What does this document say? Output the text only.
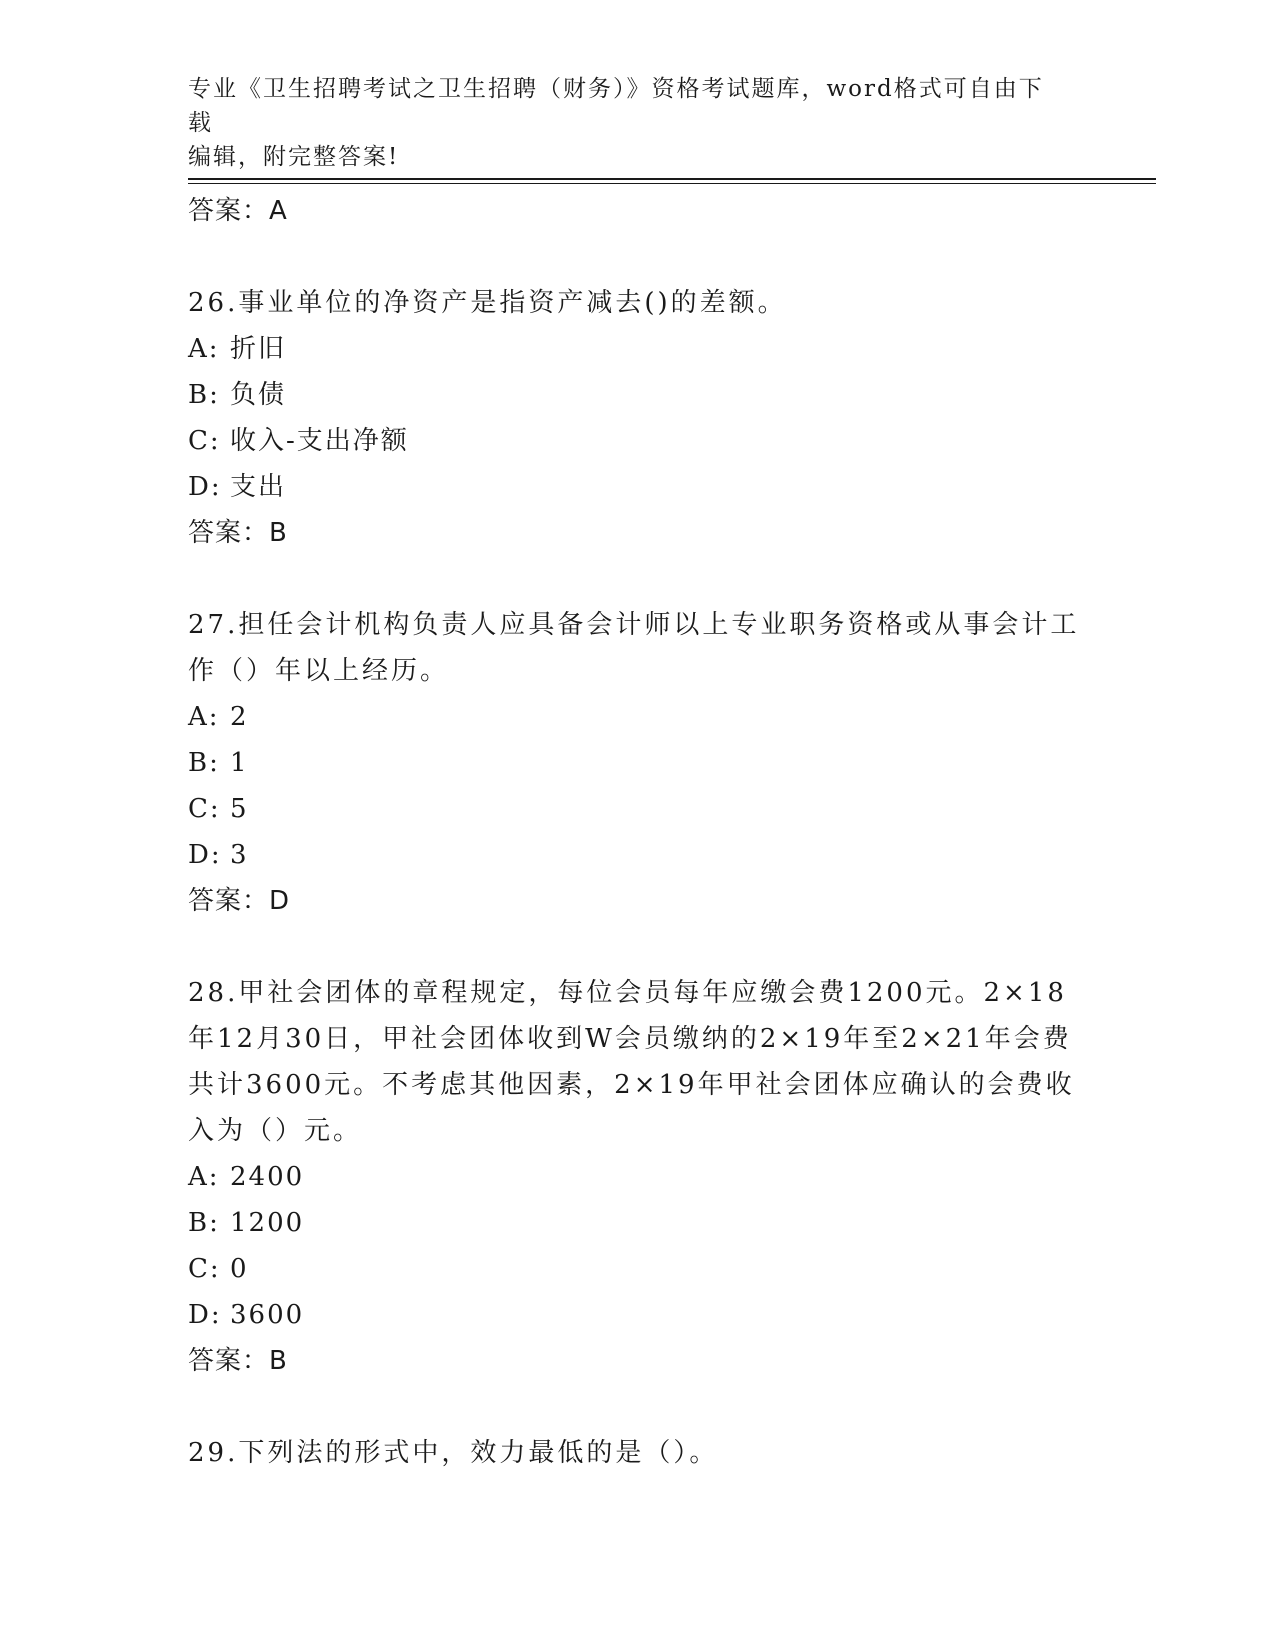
专业《卫生招聘考试之卫生招聘（财务）》资格考试题库，word格式可自由下载
编辑，附完整答案!
答案：A
26.事业单位的净资产是指资产减去()的差额。
A: 折旧
B: 负债
C: 收入-支出净额
D: 支出
答案：B
27.担任会计机构负责人应具备会计师以上专业职务资格或从事会计工作（）年以上经历。
A: 2
B: 1
C: 5
D: 3
答案：D
28.甲社会团体的章程规定，每位会员每年应缴会费1200元。2×18年12月30日，甲社会团体收到W会员缴纳的2×19年至2×21年会费共计3600元。不考虑其他因素，2×19年甲社会团体应确认的会费收入为（）元。
A: 2400
B: 1200
C: 0
D: 3600
答案：B
29.下列法的形式中，效力最低的是（）。
